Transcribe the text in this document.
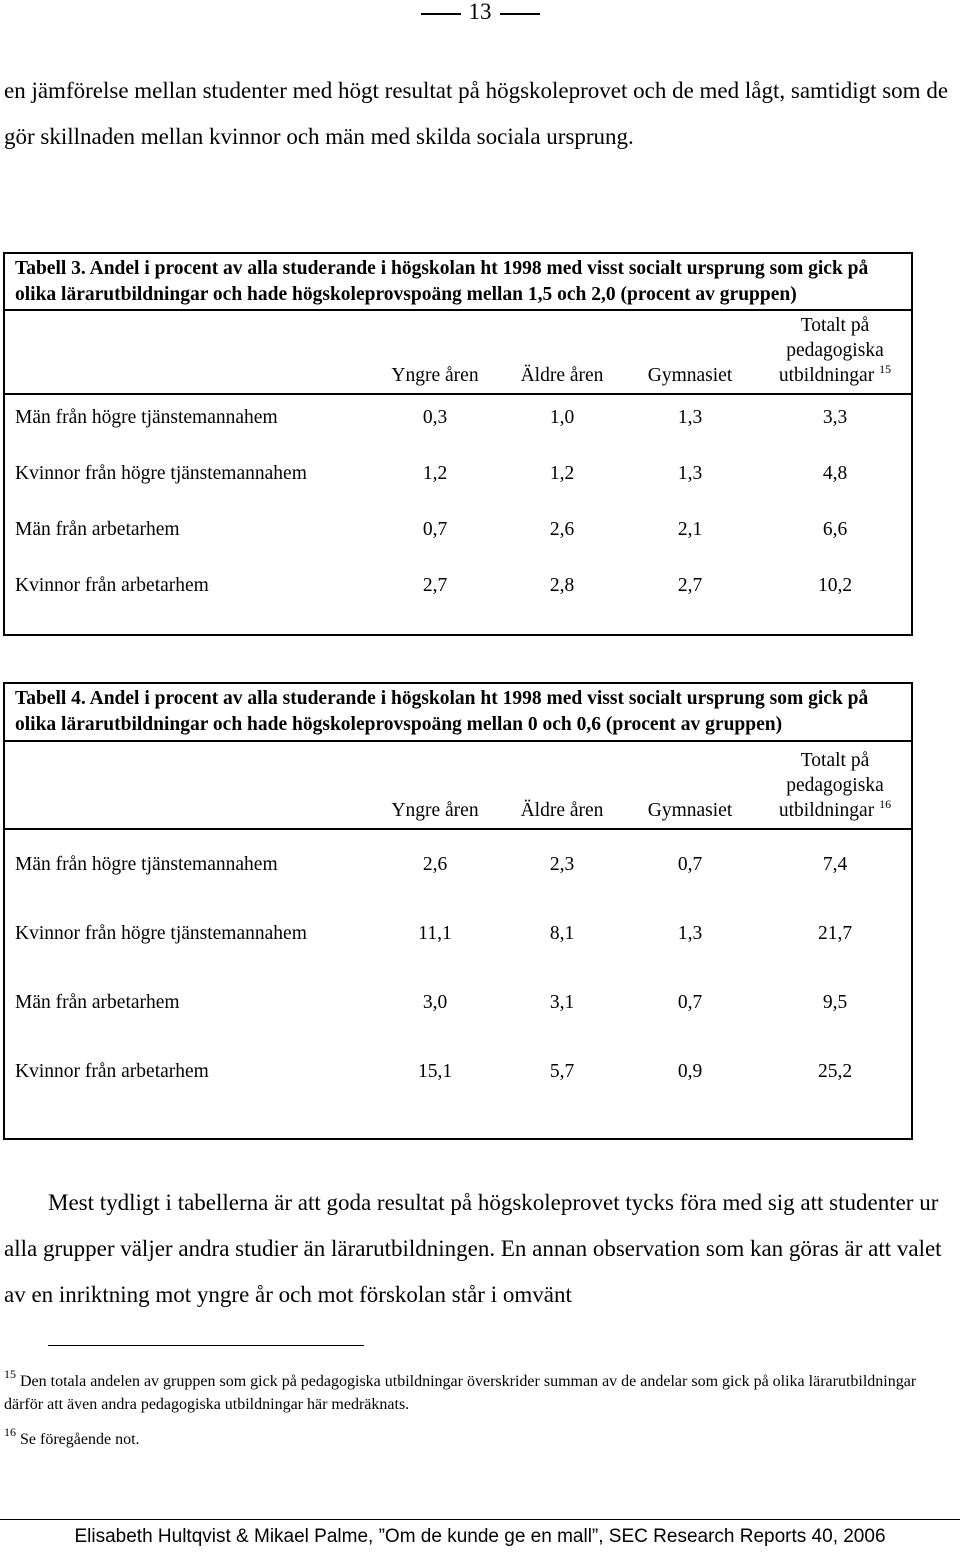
13
en jämförelse mellan studenter med högt resultat på högskoleprovet och de med lågt, samtidigt som de gör skillnaden mellan kvinnor och män med skilda sociala ursprung.
Tabell 3. Andel i procent av alla studerande i högskolan ht 1998 med visst socialt ursprung som gick på olika lärarutbildningar och hade högskoleprovspoäng mellan 1,5 och 2,0 (procent av gruppen)
Yngre åren	Äldre åren	Gymnasiet
Totalt på
pedagogiska
utbildningar $^{15}$
Män från högre tjänstemannahem	0,3	1,0	1,3	3,3
Kvinnor från högre tjänstemannahem	1,2	1,2	1,3	4,8
Män från arbetarhem	0,7	2,6	2,1	6,6
Kvinnor från arbetarhem	2,7	2,8	2,7	10,2
Tabell 4. Andel i procent av alla studerande i högskolan ht 1998 med visst socialt ursprung som gick på olika lärarutbildningar och hade högskoleprovspoäng mellan 0 och 0,6 (procent av gruppen)
Yngre åren	Äldre åren	Gymnasiet
Totalt på
pedagogiska
utbildningar $^{16}$
Män från högre tjänstemannahem	2,6	2,3	0,7	7,4
Kvinnor från högre tjänstemannahem	11,1	8,1	1,3	21,7
Män från arbetarhem	3,0	3,1	0,7	9,5
Kvinnor från arbetarhem	15,1	5,7	0,9	25,2
Mest tydligt i tabellerna är att goda resultat på högskoleprovet tycks föra med sig att studenter ur alla grupper väljer andra studier än lärarutbildningen. En annan observation som kan göras är att valet av en inriktning mot yngre år och mot förskolan står i omvänt

$^{15}$ Den totala andelen av gruppen som gick på pedagogiska utbildningar överskrider summan av de andelar som gick på olika lärarutbildningar därför att även andra pedagogiska utbildningar här medräknats.

$^{16}$ Se föregående not.

Elisabeth Hultqvist & Mikael Palme, ”Om de kunde ge en mall”, SEC Research Reports 40, 2006
